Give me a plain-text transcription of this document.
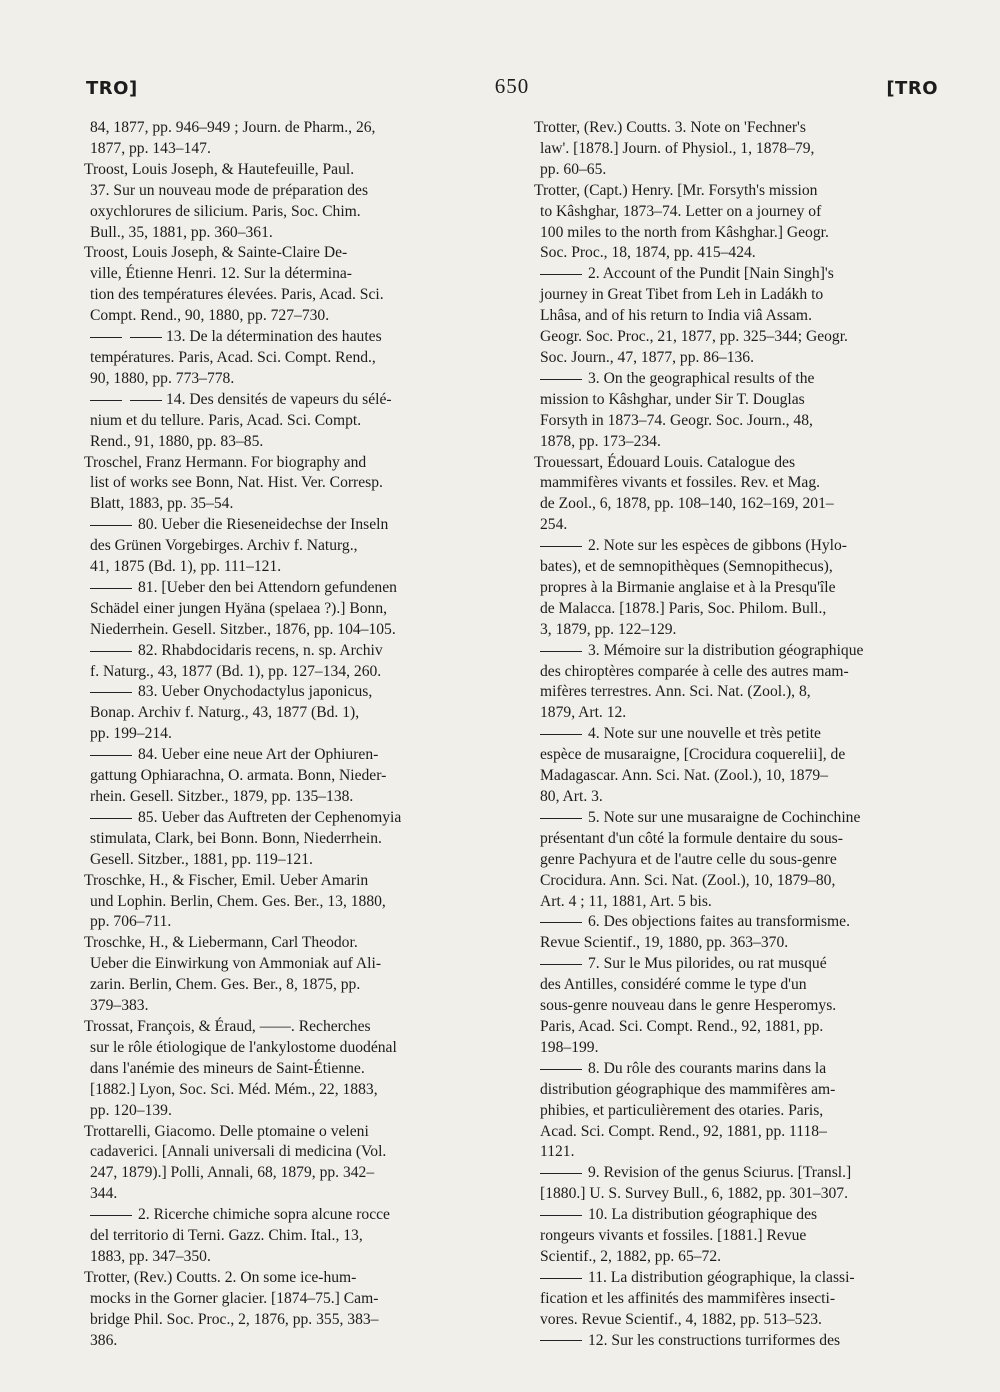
TRO]	650	[TRO
84, 1877, pp. 946–949 ; Journ. de Pharm., 26,
1877, pp. 143–147.
Troost, Louis Joseph, & Hautefeuille, Paul.
37. Sur un nouveau mode de préparation des
oxychlorures de silicium. Paris, Soc. Chim.
Bull., 35, 1881, pp. 360–361.
Troost, Louis Joseph, & Sainte-Claire De-
ville, Étienne Henri. 12. Sur la détermina-
tion des températures élevées. Paris, Acad. Sci.
Compt. Rend., 90, 1880, pp. 727–730.
13. De la détermination des hautes
températures. Paris, Acad. Sci. Compt. Rend.,
90, 1880, pp. 773–778.
14. Des densités de vapeurs du sélé-
nium et du tellure. Paris, Acad. Sci. Compt.
Rend., 91, 1880, pp. 83–85.
Troschel, Franz Hermann. For biography and
list of works see Bonn, Nat. Hist. Ver. Corresp.
Blatt, 1883, pp. 35–54.
80. Ueber die Rieseneidechse der Inseln
des Grünen Vorgebirges. Archiv f. Naturg.,
41, 1875 (Bd. 1), pp. 111–121.
81. [Ueber den bei Attendorn gefundenen
Schädel einer jungen Hyäna (spelaea ?).] Bonn,
Niederrhein. Gesell. Sitzber., 1876, pp. 104–105.
82. Rhabdocidaris recens, n. sp. Archiv
f. Naturg., 43, 1877 (Bd. 1), pp. 127–134, 260.
83. Ueber Onychodactylus japonicus,
Bonap. Archiv f. Naturg., 43, 1877 (Bd. 1),
pp. 199–214.
84. Ueber eine neue Art der Ophiuren-
gattung Ophiarachna, O. armata. Bonn, Nieder-
rhein. Gesell. Sitzber., 1879, pp. 135–138.
85. Ueber das Auftreten der Cephenomyia
stimulata, Clark, bei Bonn. Bonn, Niederrhein.
Gesell. Sitzber., 1881, pp. 119–121.
Troschke, H., & Fischer, Emil. Ueber Amarin
und Lophin. Berlin, Chem. Ges. Ber., 13, 1880,
pp. 706–711.
Troschke, H., & Liebermann, Carl Theodor.
Ueber die Einwirkung von Ammoniak auf Ali-
zarin. Berlin, Chem. Ges. Ber., 8, 1875, pp.
379–383.
Trossat, François, & Éraud, ——. Recherches
sur le rôle étiologique de l'ankylostome duodénal
dans l'anémie des mineurs de Saint-Étienne.
[1882.] Lyon, Soc. Sci. Méd. Mém., 22, 1883,
pp. 120–139.
Trottarelli, Giacomo. Delle ptomaine o veleni
cadaverici. [Annali universali di medicina (Vol.
247, 1879).] Polli, Annali, 68, 1879, pp. 342–
344.
2. Ricerche chimiche sopra alcune rocce
del territorio di Terni. Gazz. Chim. Ital., 13,
1883, pp. 347–350.
Trotter, (Rev.) Coutts. 2. On some ice-hum-
mocks in the Gorner glacier. [1874–75.] Cam-
bridge Phil. Soc. Proc., 2, 1876, pp. 355, 383–
386.
Trotter, (Rev.) Coutts. 3. Note on 'Fechner's
law'. [1878.] Journ. of Physiol., 1, 1878–79,
pp. 60–65.
Trotter, (Capt.) Henry. [Mr. Forsyth's mission
to Kâshghar, 1873–74. Letter on a journey of
100 miles to the north from Kâshghar.] Geogr.
Soc. Proc., 18, 1874, pp. 415–424.
2. Account of the Pundit [Nain Singh]'s
journey in Great Tibet from Leh in Ladákh to
Lhâsa, and of his return to India viâ Assam.
Geogr. Soc. Proc., 21, 1877, pp. 325–344; Geogr.
Soc. Journ., 47, 1877, pp. 86–136.
3. On the geographical results of the
mission to Kâshghar, under Sir T. Douglas
Forsyth in 1873–74. Geogr. Soc. Journ., 48,
1878, pp. 173–234.
Trouessart, Édouard Louis. Catalogue des
mammifères vivants et fossiles. Rev. et Mag.
de Zool., 6, 1878, pp. 108–140, 162–169, 201–
254.
2. Note sur les espèces de gibbons (Hylo-
bates), et de semnopithèques (Semnopithecus),
propres à la Birmanie anglaise et à la Presqu'île
de Malacca. [1878.] Paris, Soc. Philom. Bull.,
3, 1879, pp. 122–129.
3. Mémoire sur la distribution géographique
des chiroptères comparée à celle des autres mam-
mifères terrestres. Ann. Sci. Nat. (Zool.), 8,
1879, Art. 12.
4. Note sur une nouvelle et très petite
espèce de musaraigne, [Crocidura coquerelii], de
Madagascar. Ann. Sci. Nat. (Zool.), 10, 1879–
80, Art. 3.
5. Note sur une musaraigne de Cochinchine
présentant d'un côté la formule dentaire du sous-
genre Pachyura et de l'autre celle du sous-genre
Crocidura. Ann. Sci. Nat. (Zool.), 10, 1879–80,
Art. 4 ; 11, 1881, Art. 5 bis.
6. Des objections faites au transformisme.
Revue Scientif., 19, 1880, pp. 363–370.
7. Sur le Mus pilorides, ou rat musqué
des Antilles, considéré comme le type d'un
sous-genre nouveau dans le genre Hesperomys.
Paris, Acad. Sci. Compt. Rend., 92, 1881, pp.
198–199.
8. Du rôle des courants marins dans la
distribution géographique des mammifères am-
phibies, et particulièrement des otaries. Paris,
Acad. Sci. Compt. Rend., 92, 1881, pp. 1118–
1121.
9. Revision of the genus Sciurus. [Transl.]
[1880.] U. S. Survey Bull., 6, 1882, pp. 301–307.
10. La distribution géographique des
rongeurs vivants et fossiles. [1881.] Revue
Scientif., 2, 1882, pp. 65–72.
11. La distribution géographique, la classi-
fication et les affinités des mammifères insecti-
vores. Revue Scientif., 4, 1882, pp. 513–523.
12. Sur les constructions turriformes des
